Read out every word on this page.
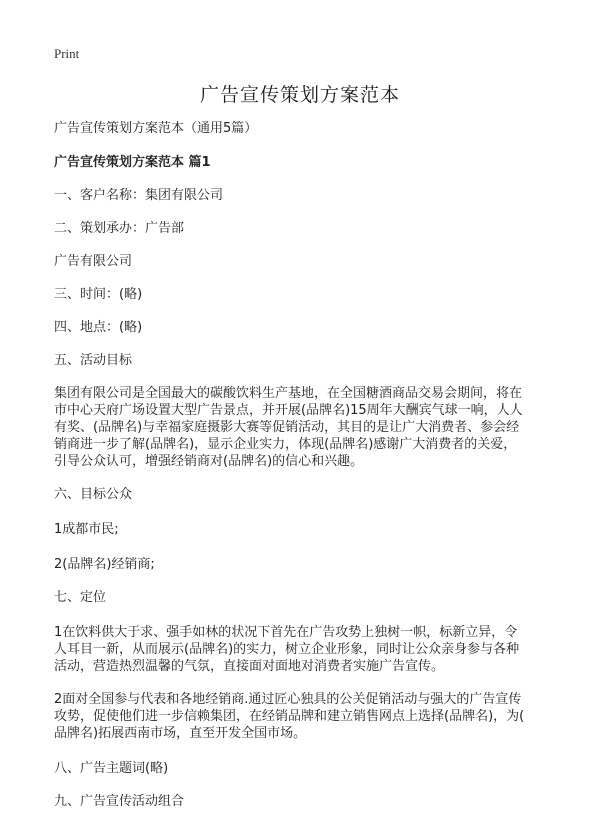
Print
广告宣传策划方案范本

广告宣传策划方案范本（通用5篇）

广告宣传策划方案范本 篇1

一、客户名称：集团有限公司

二、策划承办：广告部

广告有限公司

三、时间：(略)

四、地点：(略)

五、活动目标

集团有限公司是全国最大的碳酸饮料生产基地，在全国糖酒商品交易会期间，将在

市中心天府广场设置大型广告景点，并开展(品牌名)15周年大酬宾气球一响，人人

有奖、(品牌名)与幸福家庭摄影大赛等促销活动，其目的是让广大消费者、参会经

销商进一步了解(品牌名)，显示企业实力，体现(品牌名)感谢广大消费者的关爱，

引导公众认可，增强经销商对(品牌名)的信心和兴趣。

六、目标公众

1成都市民;

2(品牌名)经销商;

七、定位

1在饮料供大于求、强手如林的状况下首先在广告攻势上独树一帜，标新立异，令

人耳目一新，从而展示(品牌名)的实力，树立企业形象，同时让公众亲身参与各种

活动，营造热烈温馨的气氛，直接面对面地对消费者实施广告宣传。

2面对全国参与代表和各地经销商.通过匠心独具的公关促销活动与强大的广告宣传

攻势，促使他们进一步信赖集团，在经销品牌和建立销售网点上选择(品牌名)，为(

品牌名)拓展西南市场，直至开发全国市场。

八、广告主题词(略)

九、广告宣传活动组合
